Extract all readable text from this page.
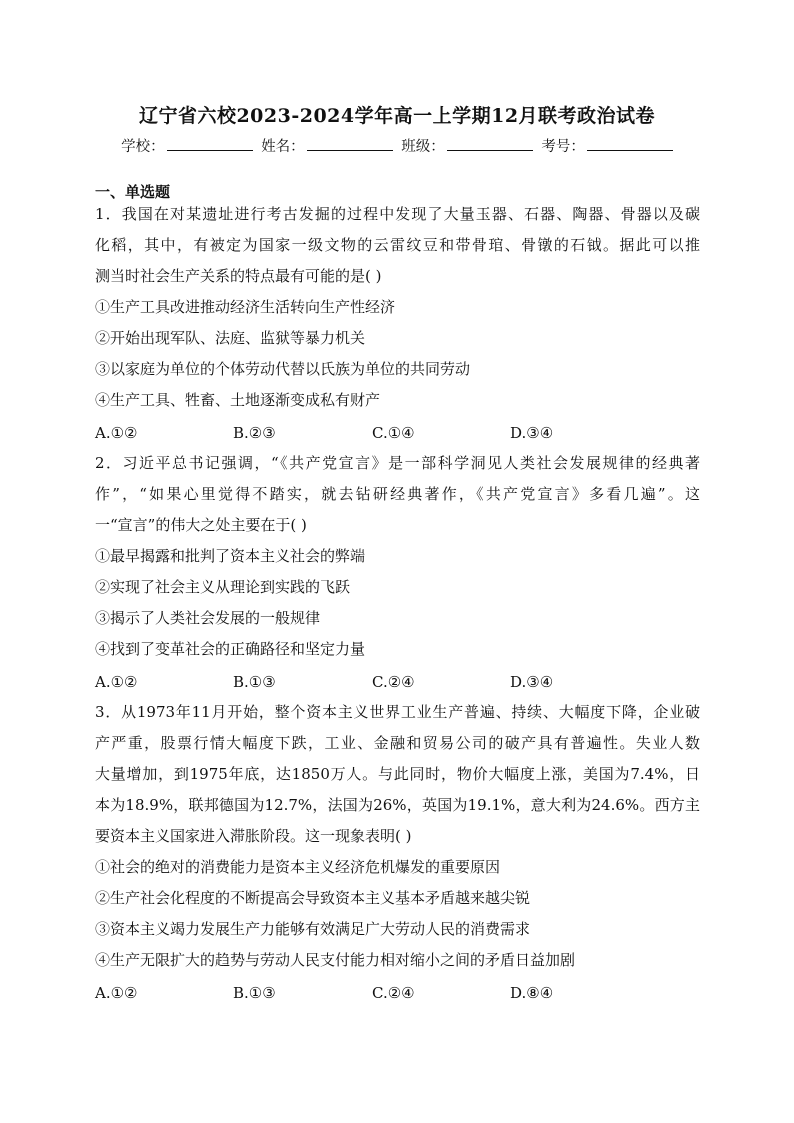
辽宁省六校2023-2024学年高一上学期12月联考政治试卷
学校：	姓名：	班级：	考号：
一、单选题
1．我国在对某遗址进行考古发掘的过程中发现了大量玉器、石器、陶器、骨器以及碳
化稻，其中，有被定为国家一级文物的云雷纹豆和带骨琯、骨镦的石钺。据此可以推
测当时社会生产关系的特点最有可能的是( )
①生产工具改进推动经济生活转向生产性经济
②开始出现军队、法庭、监狱等暴力机关
③以家庭为单位的个体劳动代替以氏族为单位的共同劳动
④生产工具、牲畜、土地逐渐变成私有财产
A.①②	B.②③	C.①④	D.③④
2．习近平总书记强调，“《共产党宣言》是一部科学洞见人类社会发展规律的经典著
作”，“如果心里觉得不踏实，就去钻研经典著作，《共产党宣言》多看几遍”。这
一“宣言”的伟大之处主要在于( )
①最早揭露和批判了资本主义社会的弊端
②实现了社会主义从理论到实践的飞跃
③揭示了人类社会发展的一般规律
④找到了变革社会的正确路径和坚定力量
A.①②	B.①③	C.②④	D.③④
3．从1973年11月开始，整个资本主义世界工业生产普遍、持续、大幅度下降，企业破
产严重，股票行情大幅度下跌，工业、金融和贸易公司的破产具有普遍性。失业人数
大量增加，到1975年底，达1850万人。与此同时，物价大幅度上涨，美国为7.4%，日
本为18.9%，联邦德国为12.7%，法国为26%，英国为19.1%，意大利为24.6%。西方主
要资本主义国家进入滞胀阶段。这一现象表明( )
①社会的绝对的消费能力是资本主义经济危机爆发的重要原因
②生产社会化程度的不断提高会导致资本主义基本矛盾越来越尖锐
③资本主义竭力发展生产力能够有效满足广大劳动人民的消费需求
④生产无限扩大的趋势与劳动人民支付能力相对缩小之间的矛盾日益加剧
A.①②	B.①③	C.②④	D.⑧④
